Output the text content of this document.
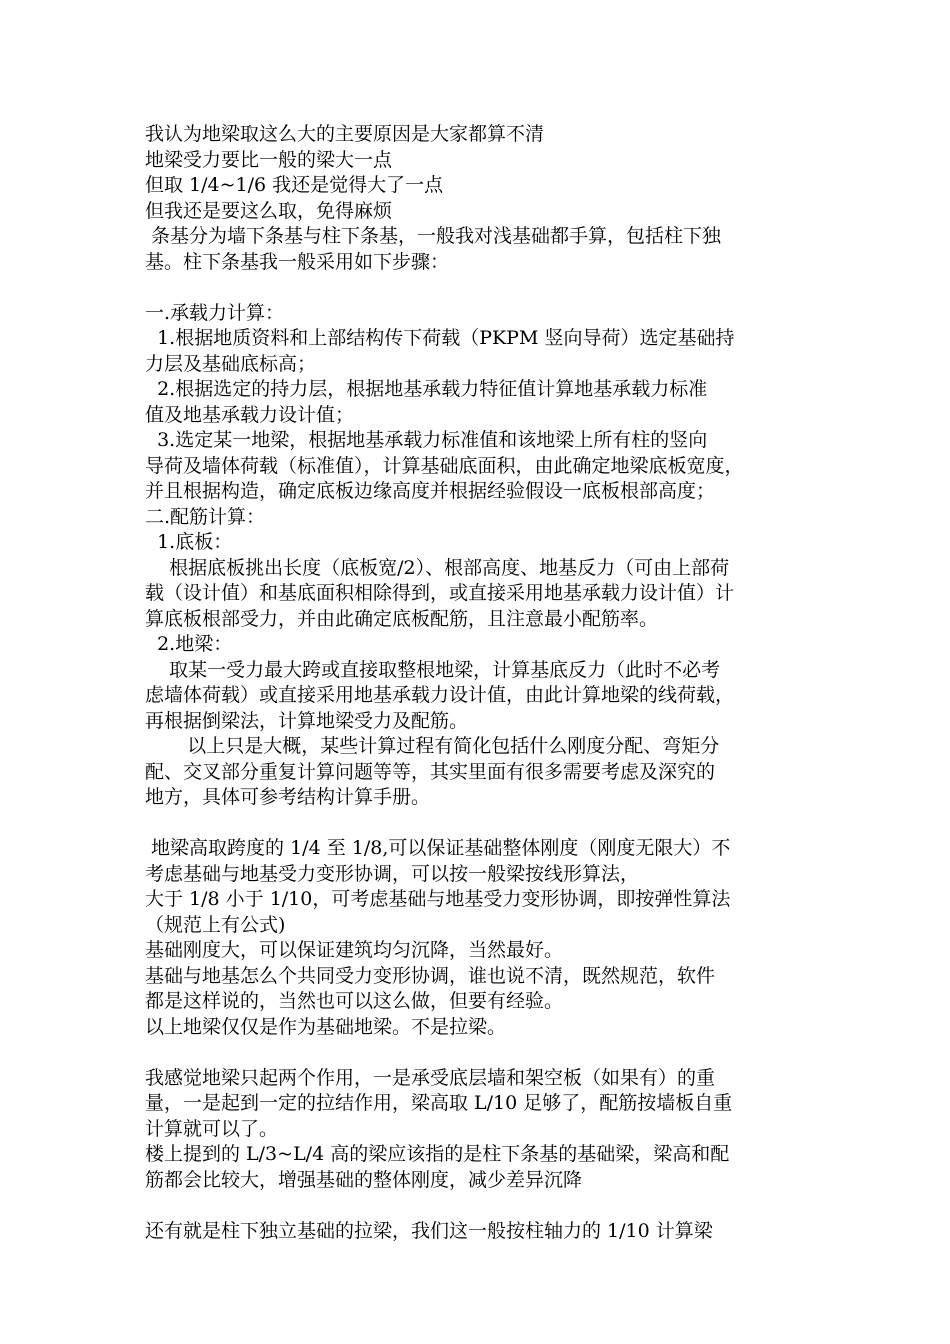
我认为地梁取这么大的主要原因是大家都算不清
地梁受力要比一般的梁大一点
但取 1/4~1/6 我还是觉得大了一点
但我还是要这么取，免得麻烦
条基分为墙下条基与柱下条基，一般我对浅基础都手算，包括柱下独
基。柱下条基我一般采用如下步骤：
一.承载力计算：
1.根据地质资料和上部结构传下荷载（PKPM 竖向导荷）选定基础持
力层及基础底标高；
2.根据选定的持力层，根据地基承载力特征值计算地基承载力标准
值及地基承载力设计值；
3.选定某一地梁，根据地基承载力标准值和该地梁上所有柱的竖向
导荷及墙体荷载（标准值），计算基础底面积，由此确定地梁底板宽度，
并且根据构造，确定底板边缘高度并根据经验假设一底板根部高度；
二.配筋计算：
1.底板：
根据底板挑出长度（底板宽/2）、根部高度、地基反力（可由上部荷
载（设计值）和基底面积相除得到，或直接采用地基承载力设计值）计
算底板根部受力，并由此确定底板配筋，且注意最小配筋率。
2.地梁：
取某一受力最大跨或直接取整根地梁，计算基底反力（此时不必考
虑墙体荷载）或直接采用地基承载力设计值，由此计算地梁的线荷载，
再根据倒梁法，计算地梁受力及配筋。
以上只是大概，某些计算过程有简化包括什么刚度分配、弯矩分
配、交叉部分重复计算问题等等，其实里面有很多需要考虑及深究的
地方，具体可参考结构计算手册。
地梁高取跨度的 1/4 至 1/8,可以保证基础整体刚度（刚度无限大）不
考虑基础与地基受力变形协调，可以按一般梁按线形算法，
大于 1/8 小于 1/10，可考虑基础与地基受力变形协调，即按弹性算法
（规范上有公式)
基础刚度大，可以保证建筑均匀沉降，当然最好。
基础与地基怎么个共同受力变形协调，谁也说不清，既然规范，软件
都是这样说的，当然也可以这么做，但要有经验。
以上地梁仅仅是作为基础地梁。不是拉梁。
我感觉地梁只起两个作用，一是承受底层墙和架空板（如果有）的重
量，一是起到一定的拉结作用，梁高取 L/10 足够了，配筋按墙板自重
计算就可以了。
楼上提到的 L/3~L/4 高的梁应该指的是柱下条基的基础梁，梁高和配
筋都会比较大，增强基础的整体刚度，减少差异沉降
还有就是柱下独立基础的拉梁，我们这一般按柱轴力的 1/10 计算梁
